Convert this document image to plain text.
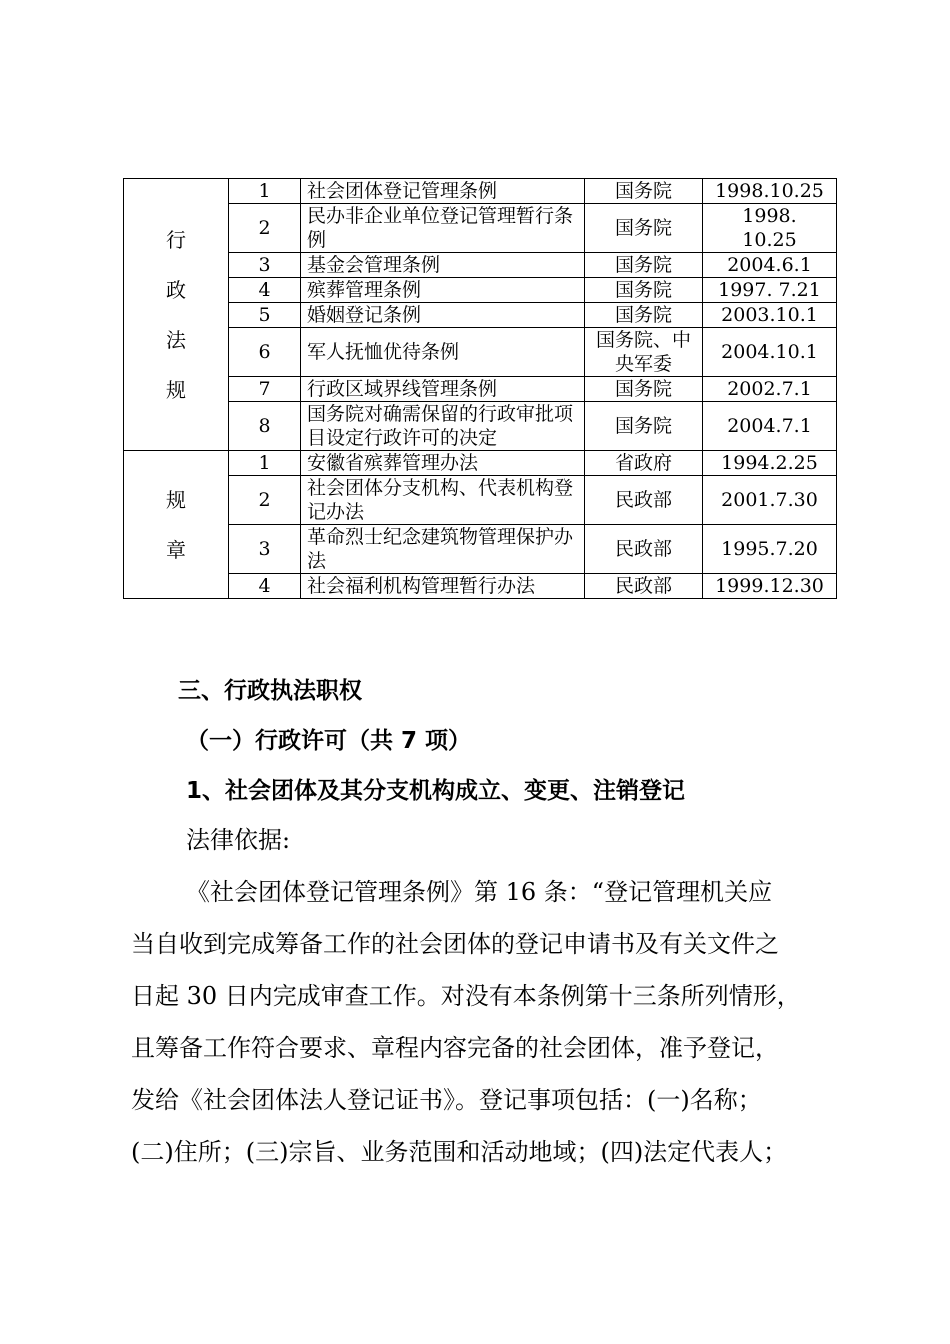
行
政
法
规	1	社会团体登记管理条例	国务院	1998.10.25
	2	民办非企业单位登记管理暂行条例	国务院	1998.
10.25
	3	基金会管理条例	国务院	2004.6.1
	4	殡葬管理条例	国务院	1997. 7.21
	5	婚姻登记条例	国务院	2003.10.1
	6	军人抚恤优待条例	国务院、中央军委	2004.10.1
	7	行政区域界线管理条例	国务院	2002.7.1
	8	国务院对确需保留的行政审批项目设定行政许可的决定	国务院	2004.7.1

规
章	1	安徽省殡葬管理办法	省政府	1994.2.25
	2	社会团体分支机构、代表机构登记办法	民政部	2001.7.30
	3	革命烈士纪念建筑物管理保护办法	民政部	1995.7.20
	4	社会福利机构管理暂行办法	民政部	1999.12.30
三、行政执法职权
（一）行政许可（共 7 项）
1、社会团体及其分支机构成立、变更、注销登记

法律依据:

《社会团体登记管理条例》第 16 条：“登记管理机关应

当自收到完成筹备工作的社会团体的登记申请书及有关文件之

日起 30 日内完成审查工作。对没有本条例第十三条所列情形，

且筹备工作符合要求、章程内容完备的社会团体，准予登记，

发给《社会团体法人登记证书》。登记事项包括：(一)名称；

(二)住所；(三)宗旨、业务范围和活动地域；(四)法定代表人；
